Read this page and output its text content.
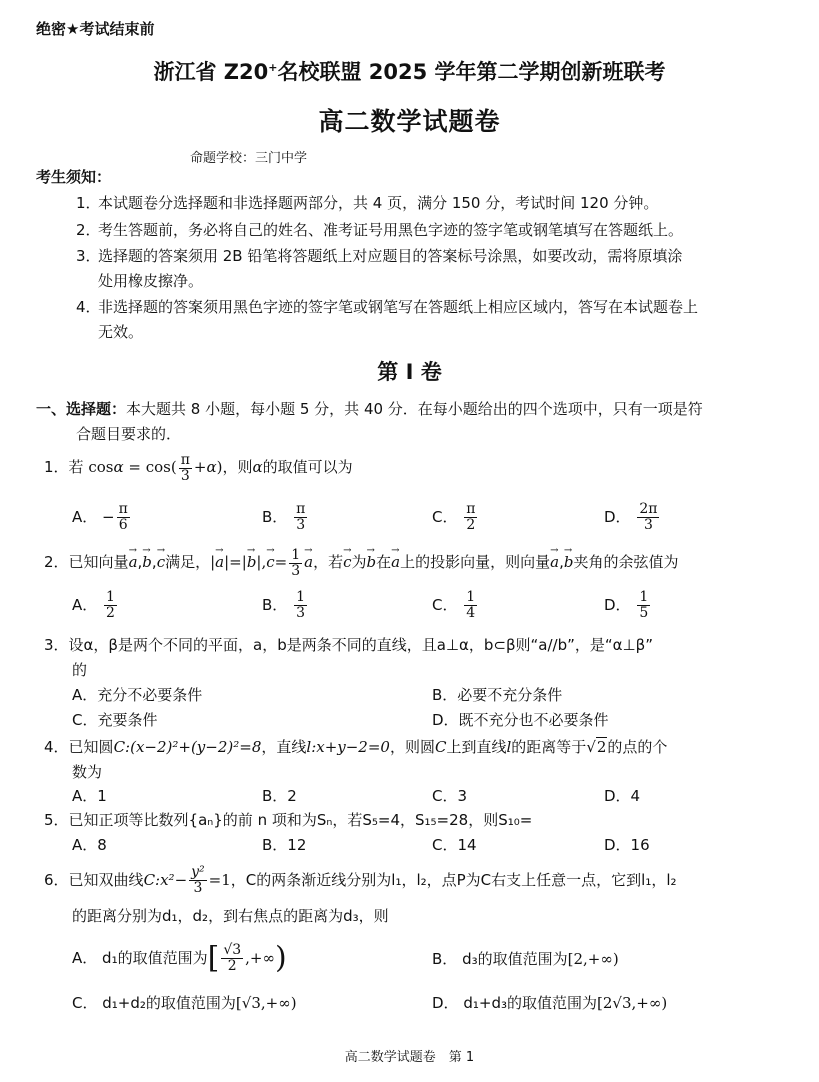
绝密★考试结束前
浙江省 Z20+名校联盟 2025 学年第二学期创新班联考
高二数学试题卷
命题学校：三门中学
考生须知：
1．本试题卷分选择题和非选择题两部分，共 4 页，满分 150 分，考试时间 120 分钟。
2．考生答题前，务必将自己的姓名、准考证号用黑色字迹的签字笔或钢笔填写在答题纸上。
3．选择题的答案须用 2B 铅笔将答题纸上对应题目的答案标号涂黑，如要改动，需将原填涂
处用橡皮擦净。
4．非选择题的答案须用黑色字迹的签字笔或钢笔写在答题纸上相应区域内，答写在本试题卷上
无效。
第 I 卷
一、选择题：本大题共 8 小题，每小题 5 分，共 40 分．在每小题给出的四个选项中，只有一项是符
合题目要求的．
1．若 $\cos\alpha = \cos( \frac{\pi}{3} +\alpha)$，则α的取值可以为
A． − $\frac{\pi}{6}$	B． $\frac{\pi}{3}$	C． $\frac{\pi}{2}$	D． $\frac{2\pi}{3}$
2．已知向量→ a,→ b,→ c满足，|→ $a|=|\to b|,\to c= \frac{1}{3}$
→ a，若→ c为→ b在→ a上的投影向量，则向量→ a,→ b夹角的余弦值为
A． $\frac{1}{2}$	B． $\frac{1}{3}$	C． $\frac{1}{4}$	D． $\frac{1}{5}$
3．设α，β是两个不同的平面，a，b是两条不同的直线，且a⊥α，b⊂β则“a//b”，是“α⊥β”
的
A．充分不必要条件	B．必要不充分条件
C．充要条件	D．既不充分也不必要条件
4．已知圆C:(x−2)²+(y−2)²=8，直线l:x+y−2=0，则圆C上到直线l的距离等于√2的点的个
数为
A．1	B．2	C．3	D．4
5．已知正项等比数列{aₙ}的前 n 项和为Sₙ，若S₅=4，S₁₅=28，则S₁₀=
A．8	B．12	C．14	D．16
6．已知双曲线C:x²− $\frac{\text{y²}}{3} =1$，C的两条渐近线分别为l₁，l₂，点P为C右支上任意一点，它到l₁，l₂
的距离分别为d₁，d₂，到右焦点的距离为d₃，则
A． d₁的取值范围为[ $\frac{√3}{2}$ ,+∞)	B． d₃的取值范围为[2,+∞)
C． d₁+d₂的取值范围为[√3,+∞)	D． d₁+d₃的取值范围为[2√3,+∞)
高二数学试题卷　第 1
